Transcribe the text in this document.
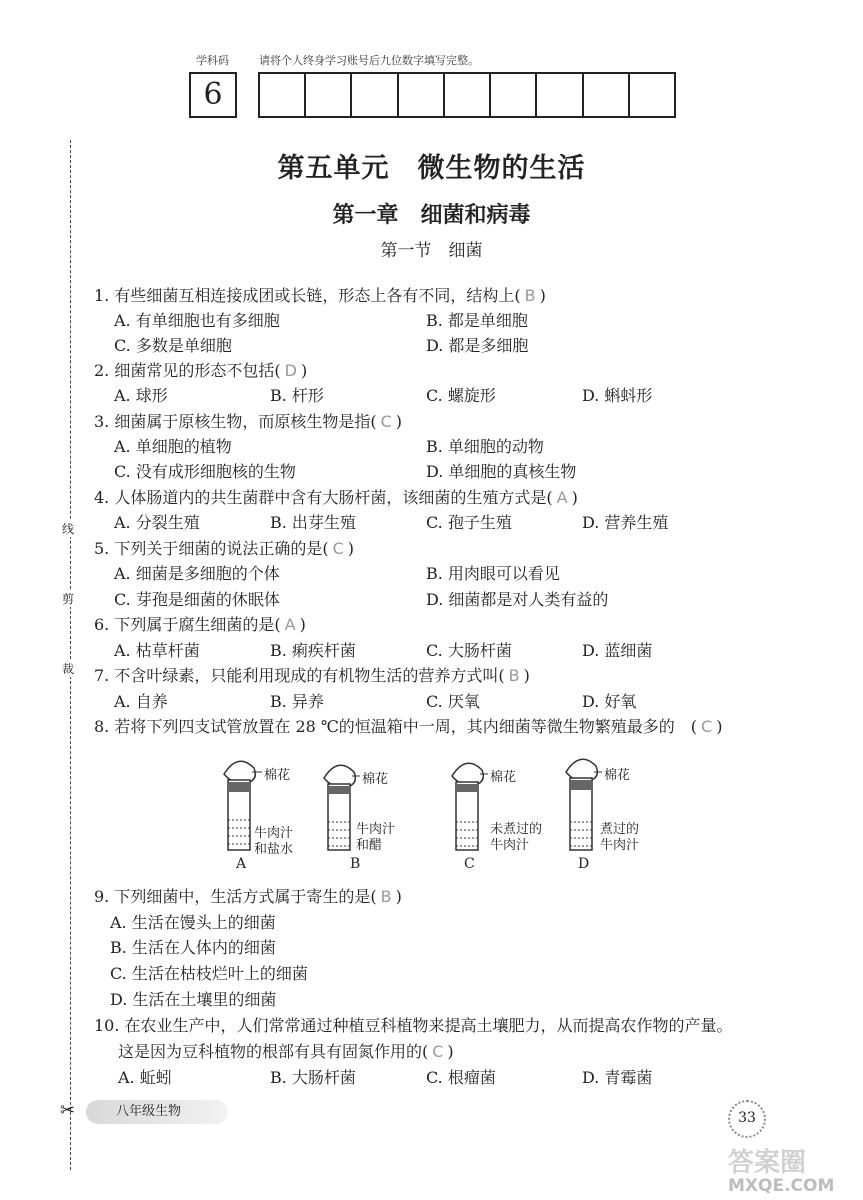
学科码	请将个人终身学习账号后九位数字填写完整。
6
线
剪
裁
✂
第五单元　微生物的生活
第一章　细菌和病毒
第一节　细菌
1. 有些细菌互相连接成团或长链，形态上各有不同，结构上( B )
A. 有单细胞也有多细胞	B. 都是单细胞
C. 多数是单细胞	D. 都是多细胞
2. 细菌常见的形态不包括( D )
A. 球形	B. 杆形	C. 螺旋形	D. 蝌蚪形
3. 细菌属于原核生物，而原核生物是指( C )
A. 单细胞的植物	B. 单细胞的动物
C. 没有成形细胞核的生物	D. 单细胞的真核生物
4. 人体肠道内的共生菌群中含有大肠杆菌，该细菌的生殖方式是( A )
A. 分裂生殖	B. 出芽生殖	C. 孢子生殖	D. 营养生殖
5. 下列关于细菌的说法正确的是( C )
A. 细菌是多细胞的个体	B. 用肉眼可以看见
C. 芽孢是细菌的休眠体	D. 细菌都是对人类有益的
6. 下列属于腐生细菌的是( A )
A. 枯草杆菌	B. 痢疾杆菌	C. 大肠杆菌	D. 蓝细菌
7. 不含叶绿素，只能利用现成的有机物生活的营养方式叫( B )
A. 自养	B. 异养	C. 厌氧	D. 好氧
8. 若将下列四支试管放置在 28 ℃的恒温箱中一周，其内细菌等微生物繁殖最多的　( C )
棉花	棉花	棉花	棉花
牛肉汁
和盐水
牛肉汁
和醋
未煮过的
牛肉汁
煮过的
牛肉汁
A	B	C	D
9. 下列细菌中，生活方式属于寄生的是( B )
A. 生活在馒头上的细菌
B. 生活在人体内的细菌
C. 生活在枯枝烂叶上的细菌
D. 生活在土壤里的细菌
10. 在农业生产中，人们常常通过种植豆科植物来提高土壤肥力，从而提高农作物的产量。
这是因为豆科植物的根部有具有固氮作用的( C )
A. 蚯蚓	B. 大肠杆菌	C. 根瘤菌	D. 青霉菌
八年级生物	33
答案圈
MXQE.COM
